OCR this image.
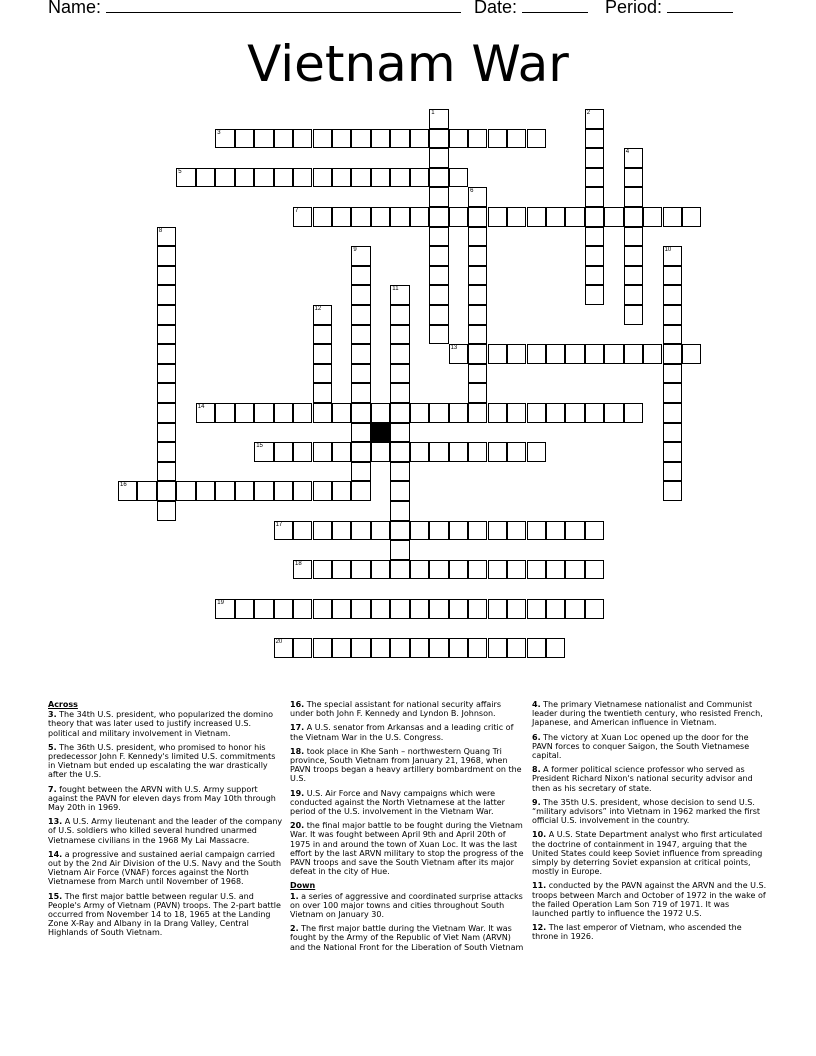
Name:	Date:	Period:
Vietnam War
1	2
3
4
5
6
7
8
9	10
11
12
13
14
15
16
17
18
19
20
Across
3. The 34th U.S. president, who popularized the domino theory that was later used to justify increased U.S. political and military involvement in Vietnam.
5. The 36th U.S. president, who promised to honor his predecessor John F. Kennedy's limited U.S. commitments in Vietnam but ended up escalating the war drastically after the U.S.
7. fought between the ARVN with U.S. Army support against the PAVN for eleven days from May 10th through May 20th in 1969.
13. A U.S. Army lieutenant and the leader of the company of U.S. soldiers who killed several hundred unarmed Vietnamese civilians in the 1968 My Lai Massacre.
14. a progressive and sustained aerial campaign carried out by the 2nd Air Division of the U.S. Navy and the South Vietnam Air Force (VNAF) forces against the North Vietnamese from March until November of 1968.
15. The first major battle between regular U.S. and People's Army of Vietnam (PAVN) troops. The 2-part battle occurred from November 14 to 18, 1965 at the Landing Zone X-Ray and Albany in Ia Drang Valley, Central Highlands of South Vietnam.
16. The special assistant for national security affairs under both John F. Kennedy and Lyndon B. Johnson.
17. A U.S. senator from Arkansas and a leading critic of the Vietnam War in the U.S. Congress.
18. took place in Khe Sanh – northwestern Quang Tri province, South Vietnam from January 21, 1968, when PAVN troops began a heavy artillery bombardment on the U.S.
19. U.S. Air Force and Navy campaigns which were conducted against the North Vietnamese at the latter period of the U.S. involvement in the Vietnam War.
20. the final major battle to be fought during the Vietnam War. It was fought between April 9th and April 20th of 1975 in and around the town of Xuan Loc. It was the last effort by the last ARVN military to stop the progress of the PAVN troops and save the South Vietnam after its major defeat in the city of Hue.
Down
1. a series of aggressive and coordinated surprise attacks on over 100 major towns and cities throughout South Vietnam on January 30.
2. The first major battle during the Vietnam War. It was fought by the Army of the Republic of Viet Nam (ARVN) and the National Front for the Liberation of South Vietnam
4. The primary Vietnamese nationalist and Communist leader during the twentieth century, who resisted French, Japanese, and American influence in Vietnam.
6. The victory at Xuan Loc opened up the door for the PAVN forces to conquer Saigon, the South Vietnamese capital.
8. A former political science professor who served as President Richard Nixon's national security advisor and then as his secretary of state.
9. The 35th U.S. president, whose decision to send U.S. “military advisors” into Vietnam in 1962 marked the first official U.S. involvement in the country.
10. A U.S. State Department analyst who first articulated the doctrine of containment in 1947, arguing that the United States could keep Soviet influence from spreading simply by deterring Soviet expansion at critical points, mostly in Europe.
11. conducted by the PAVN against the ARVN and the U.S. troops between March and October of 1972 in the wake of the failed Operation Lam Son 719 of 1971. It was launched partly to influence the 1972 U.S.
12. The last emperor of Vietnam, who ascended the throne in 1926.
